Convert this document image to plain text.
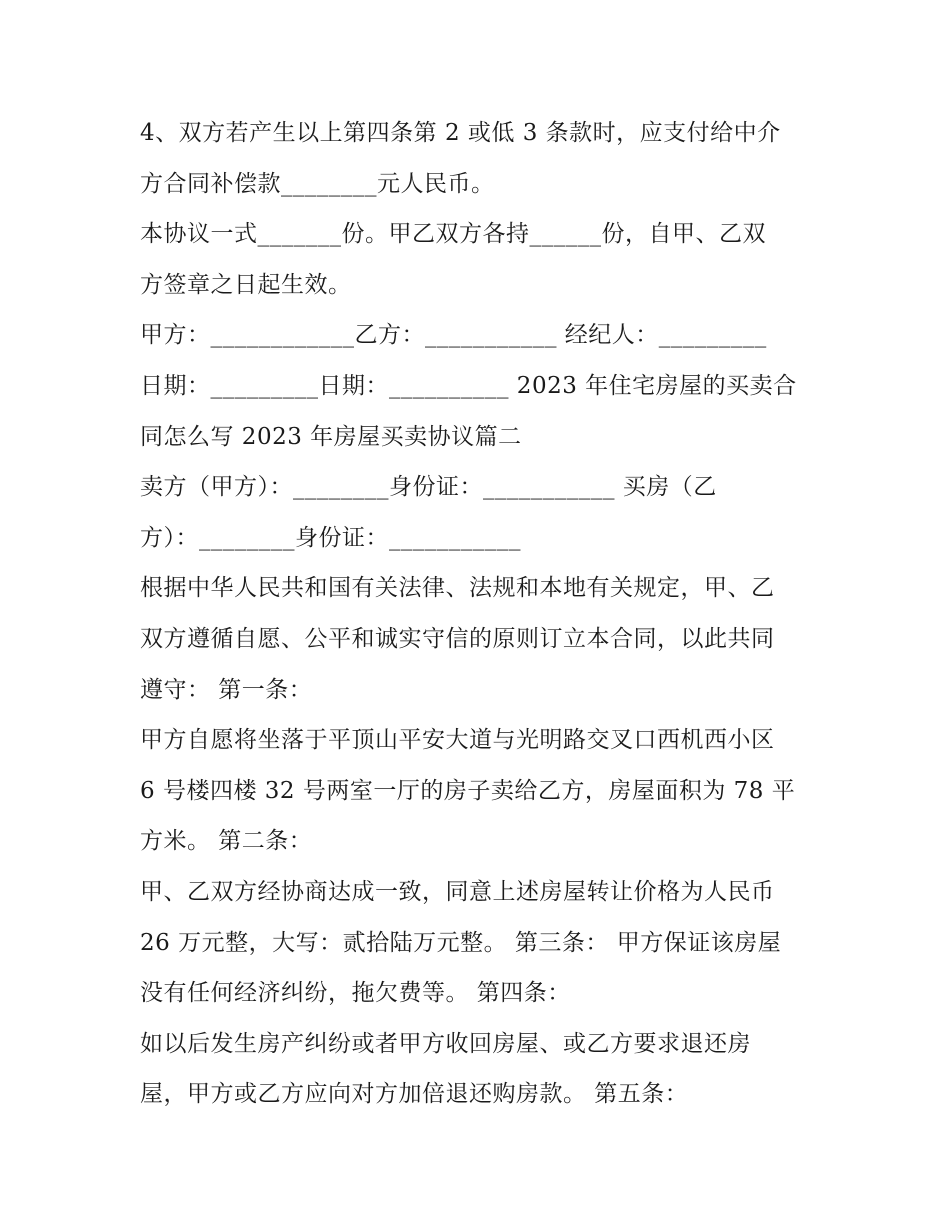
4、双方若产生以上第四条第 2 或低 3 条款时，应支付给中介
方合同补偿款________元人民币。
本协议一式_______份。甲乙双方各持______份，自甲、乙双
方签章之日起生效。
甲方：____________乙方：___________ 经纪人：_________
日期：_________日期：__________ 2023 年住宅房屋的买卖合
同怎么写 2023 年房屋买卖协议篇二
卖方（甲方）：________身份证：___________ 买房（乙
方）：________身份证：___________
根据中华人民共和国有关法律、法规和本地有关规定，甲、乙
双方遵循自愿、公平和诚实守信的原则订立本合同，以此共同
遵守： 第一条：
甲方自愿将坐落于平顶山平安大道与光明路交叉口西机西小区
6 号楼四楼 32 号两室一厅的房子卖给乙方，房屋面积为 78 平
方米。 第二条：
甲、乙双方经协商达成一致，同意上述房屋转让价格为人民币
26 万元整，大写：贰拾陆万元整。 第三条： 甲方保证该房屋
没有任何经济纠纷，拖欠费等。 第四条：
如以后发生房产纠纷或者甲方收回房屋、或乙方要求退还房
屋，甲方或乙方应向对方加倍退还购房款。 第五条：
